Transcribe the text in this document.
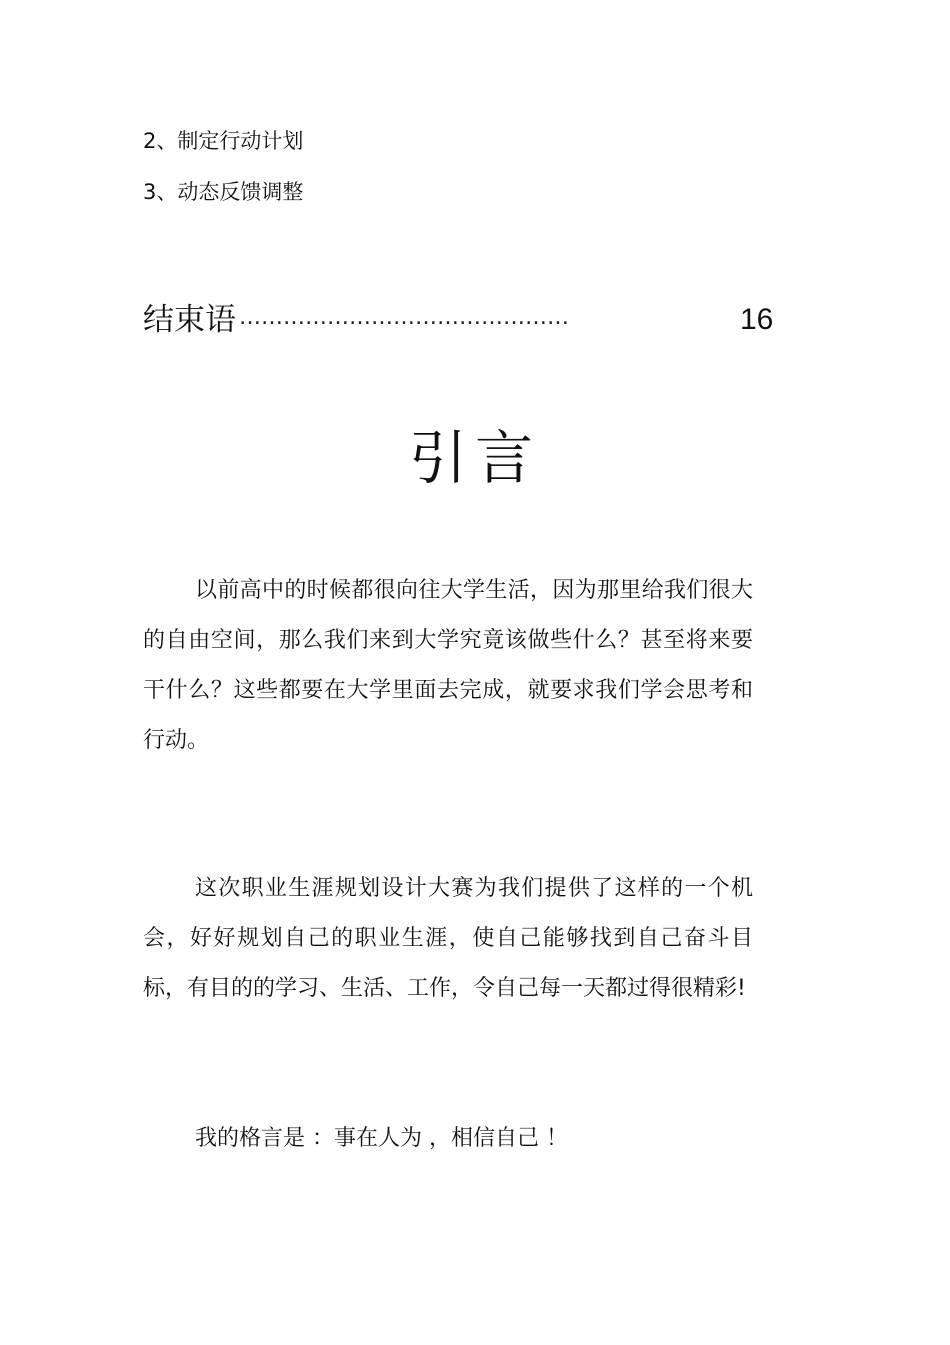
2、制定行动计划
3、动态反馈调整
结束语 ………………………………………	16
引言

以前高中的时候都很向往大学生活，因为那里给我们很大的自由空间，那么我们来到大学究竟该做些什么？甚至将来要干什么？这些都要在大学里面去完成，就要求我们学会思考和行动。

这次职业生涯规划设计大赛为我们提供了这样的一个机会，好好规划自己的职业生涯，使自己能够找到自己奋斗目标，有目的的学习、生活、工作，令自己每一天都过得很精彩!

我的格言是 ：事在人为 ，相信自己 ！
